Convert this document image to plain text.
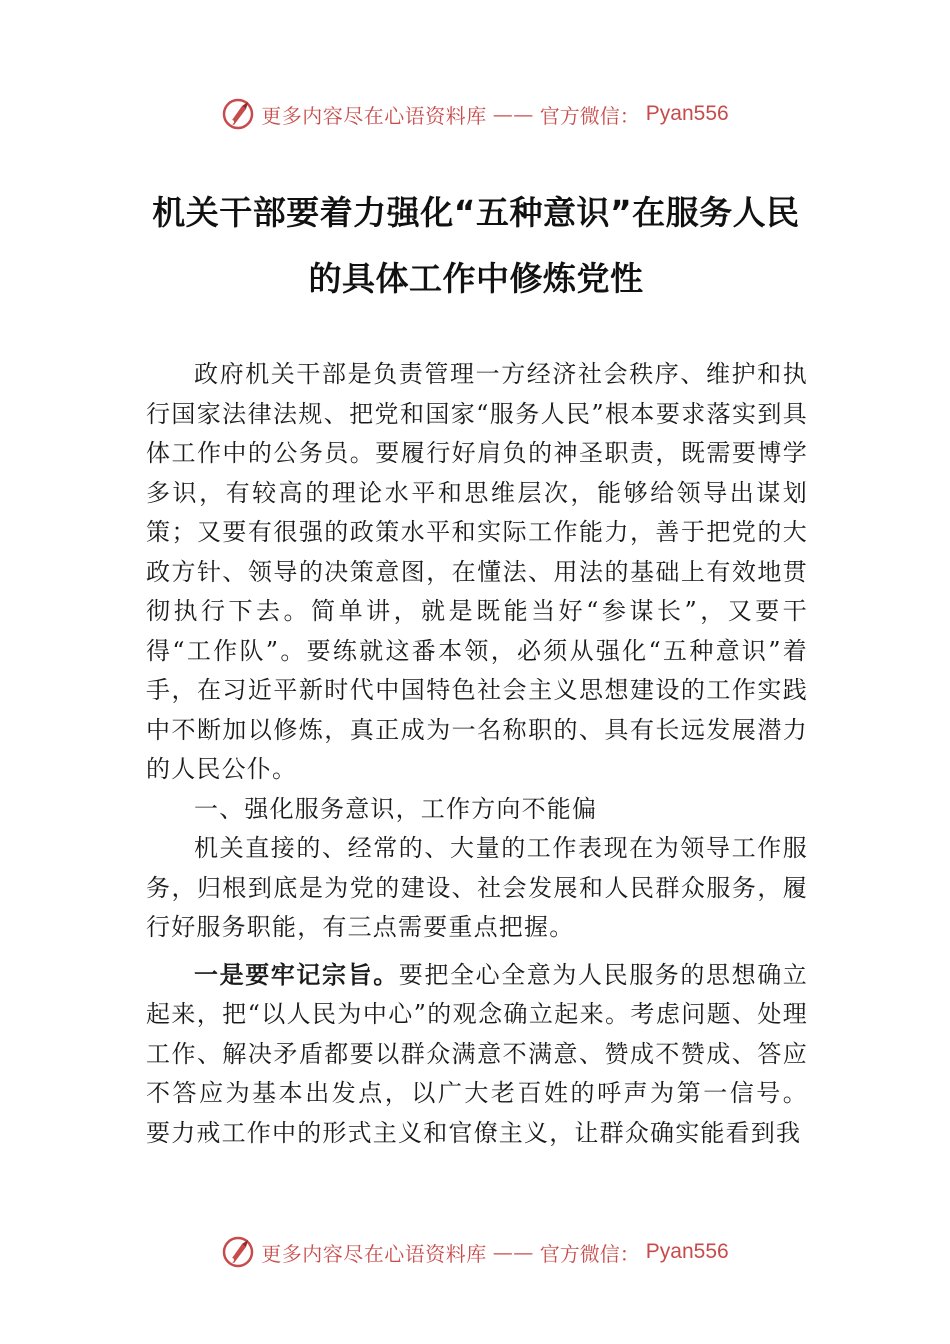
更多内容尽在心语资料库 —— 官方微信： Pyan556
机关干部要着力强化“五种意识”在服务人民的具体工作中修炼党性

政府机关干部是负责管理一方经济社会秩序、维护和执行国家法律法规、把党和国家“服务人民”根本要求落实到具体工作中的公务员。要履行好肩负的神圣职责，既需要博学多识，有较高的理论水平和思维层次，能够给领导出谋划策；又要有很强的政策水平和实际工作能力，善于把党的大政方针、领导的决策意图，在懂法、用法的基础上有效地贯彻执行下去。简单讲，就是既能当好“参谋长”，又要干得“工作队”。要练就这番本领，必须从强化“五种意识”着手，在习近平新时代中国特色社会主义思想建设的工作实践中不断加以修炼，真正成为一名称职的、具有长远发展潜力的人民公仆。

一、强化服务意识，工作方向不能偏

机关直接的、经常的、大量的工作表现在为领导工作服务，归根到底是为党的建设、社会发展和人民群众服务，履行好服务职能，有三点需要重点把握。

一是要牢记宗旨。要把全心全意为人民服务的思想确立起来，把“以人民为中心”的观念确立起来。考虑问题、处理工作、解决矛盾都要以群众满意不满意、赞成不赞成、答应不答应为基本出发点，以广大老百姓的呼声为第一信号。 要力戒工作中的形式主义和官僚主义，让群众确实能看到我

更多内容尽在心语资料库 —— 官方微信： Pyan556
